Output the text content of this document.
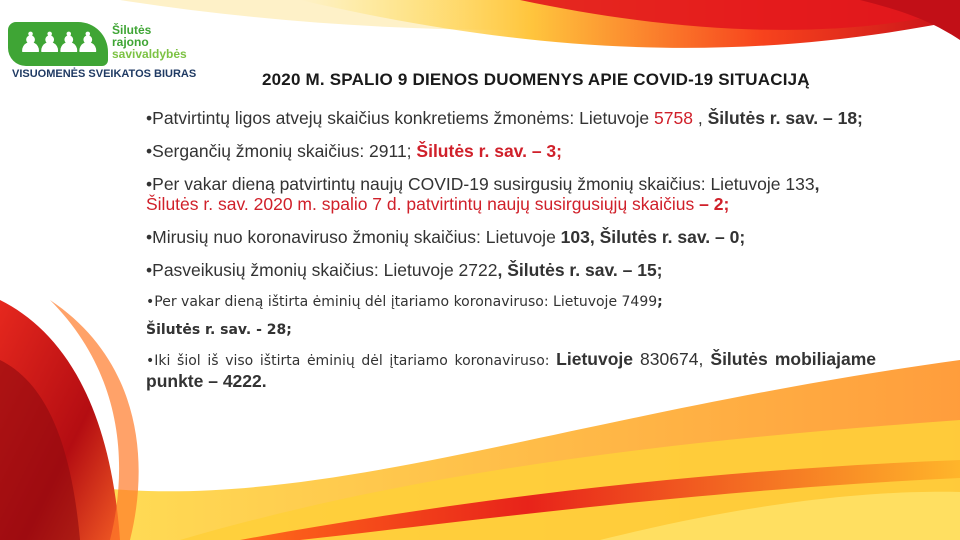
♟♟♟♟ Šilutės
rajono
savivaldybės
VISUOMENĖS SVEIKATOS BIURAS	2020 M. SPALIO 9 DIENOS DUOMENYS APIE COVID-19 SITUACIJĄ
•Patvirtintų ligos atvejų skaičius konkretiems žmonėms: Lietuvoje 5758 , Šilutės r. sav. – 18;
•Sergančių žmonių skaičius: 2911; Šilutės r. sav. – 3;
•Per vakar dieną patvirtintų naujų COVID-19 susirgusių žmonių skaičius: Lietuvoje 133, Šilutės r. sav. 2020 m. spalio 7 d. patvirtintų naujų susirgusiųjų skaičius – 2;
•Mirusių nuo koronaviruso žmonių skaičius: Lietuvoje 103, Šilutės r. sav. – 0;
•Pasveikusių žmonių skaičius: Lietuvoje 2722, Šilutės r. sav. – 15;
•Per vakar dieną ištirta ėminių dėl įtariamo koronaviruso: Lietuvoje 7499;
Šilutės r. sav. - 28;
•Iki šiol iš viso ištirta ėminių dėl įtariamo koronaviruso: Lietuvoje 830674, Šilutės mobiliajame punkte – 4222.
